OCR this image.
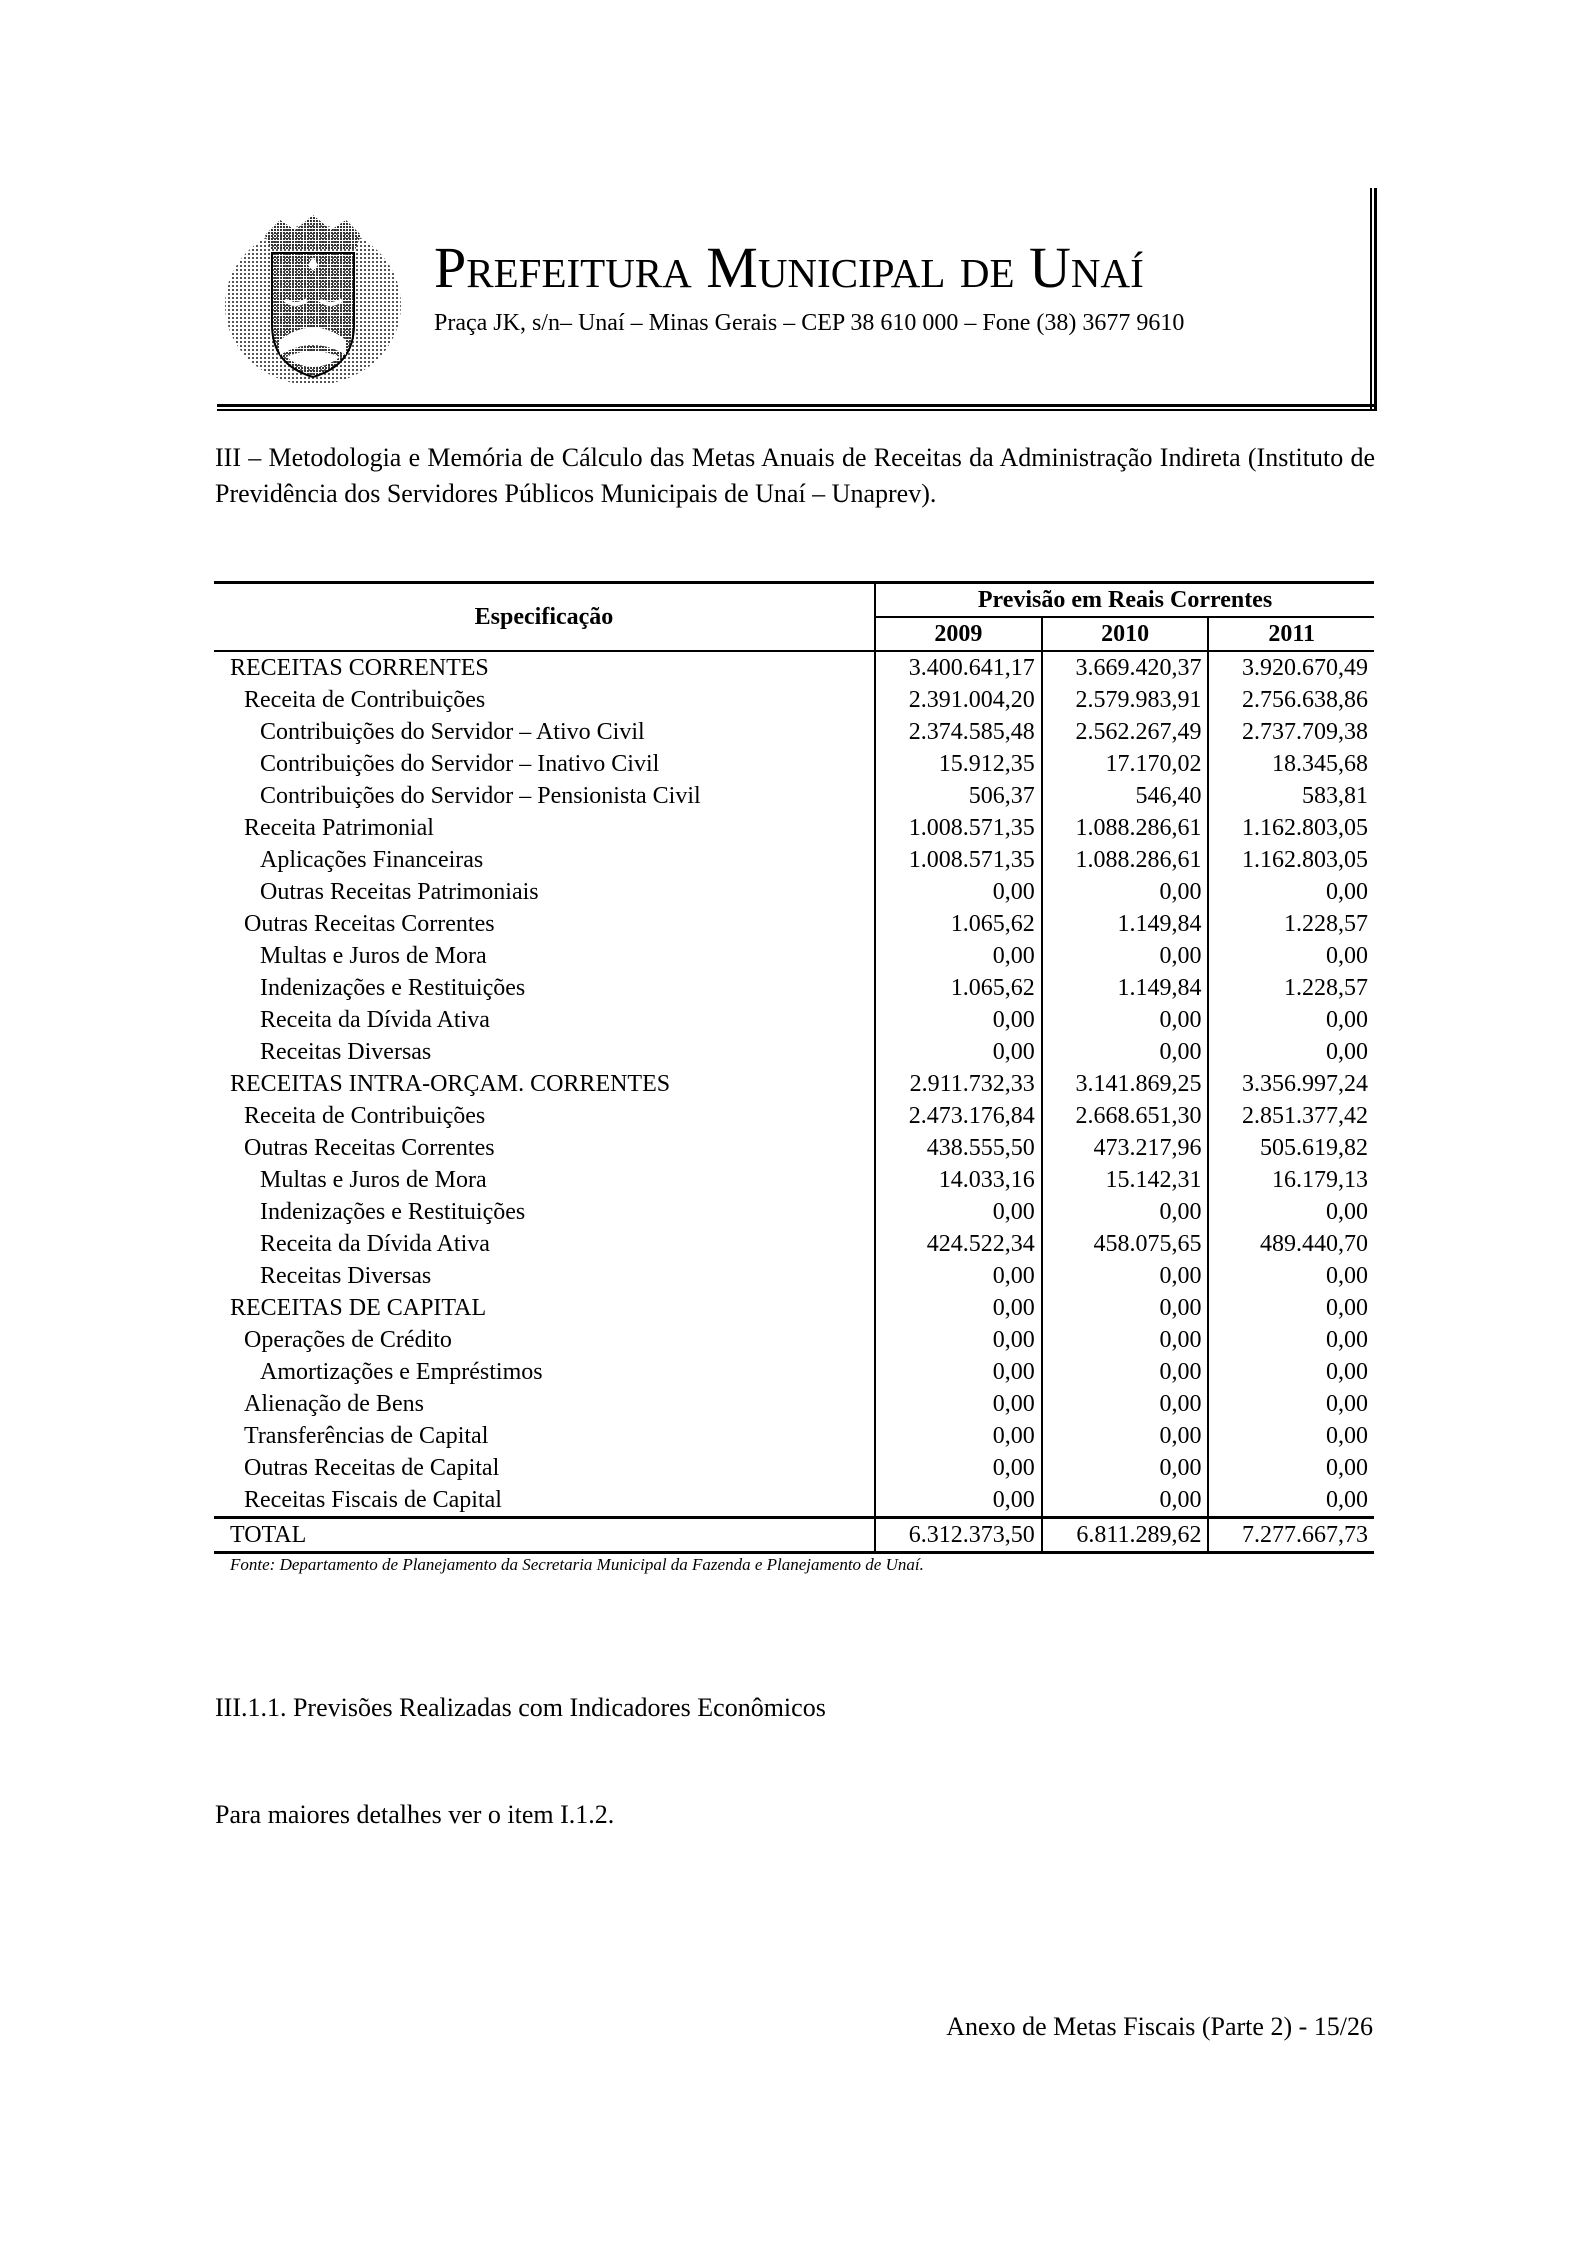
Prefeitura Municipal de Unaí
Praça JK, s/n– Unaí – Minas Gerais – CEP 38 610 000 – Fone (38) 3677 9610
III – Metodologia e Memória de Cálculo das Metas Anuais de Receitas da Administração Indireta (Instituto de Previdência dos Servidores Públicos Municipais de Unaí – Unaprev).
Especificação	Previsão em Reais Correntes		
	2009	2010	2011
RECEITAS CORRENTES	3.400.641,17	3.669.420,37	3.920.670,49
Receita de Contribuições	2.391.004,20	2.579.983,91	2.756.638,86
Contribuições do Servidor – Ativo Civil	2.374.585,48	2.562.267,49	2.737.709,38
Contribuições do Servidor – Inativo Civil	15.912,35	17.170,02	18.345,68
Contribuições do Servidor – Pensionista Civil	506,37	546,40	583,81
Receita Patrimonial	1.008.571,35	1.088.286,61	1.162.803,05
Aplicações Financeiras	1.008.571,35	1.088.286,61	1.162.803,05
Outras Receitas Patrimoniais	0,00	0,00	0,00
Outras Receitas Correntes	1.065,62	1.149,84	1.228,57
Multas e Juros de Mora	0,00	0,00	0,00
Indenizações e Restituições	1.065,62	1.149,84	1.228,57
Receita da Dívida Ativa	0,00	0,00	0,00
Receitas Diversas	0,00	0,00	0,00
RECEITAS INTRA-ORÇAM. CORRENTES	2.911.732,33	3.141.869,25	3.356.997,24
Receita de Contribuições	2.473.176,84	2.668.651,30	2.851.377,42
Outras Receitas Correntes	438.555,50	473.217,96	505.619,82
Multas e Juros de Mora	14.033,16	15.142,31	16.179,13
Indenizações e Restituições	0,00	0,00	0,00
Receita da Dívida Ativa	424.522,34	458.075,65	489.440,70
Receitas Diversas	0,00	0,00	0,00
RECEITAS DE CAPITAL	0,00	0,00	0,00
Operações de Crédito	0,00	0,00	0,00
Amortizações e Empréstimos	0,00	0,00	0,00
Alienação de Bens	0,00	0,00	0,00
Transferências de Capital	0,00	0,00	0,00
Outras Receitas de Capital	0,00	0,00	0,00
Receitas Fiscais de Capital	0,00	0,00	0,00
TOTAL	6.312.373,50	6.811.289,62	7.277.667,73
Fonte: Departamento de Planejamento da Secretaria Municipal da Fazenda e Planejamento de Unaí.
III.1.1. Previsões Realizadas com Indicadores Econômicos
Para maiores detalhes ver o item I.1.2.
Anexo de Metas Fiscais (Parte 2) - 15/26
